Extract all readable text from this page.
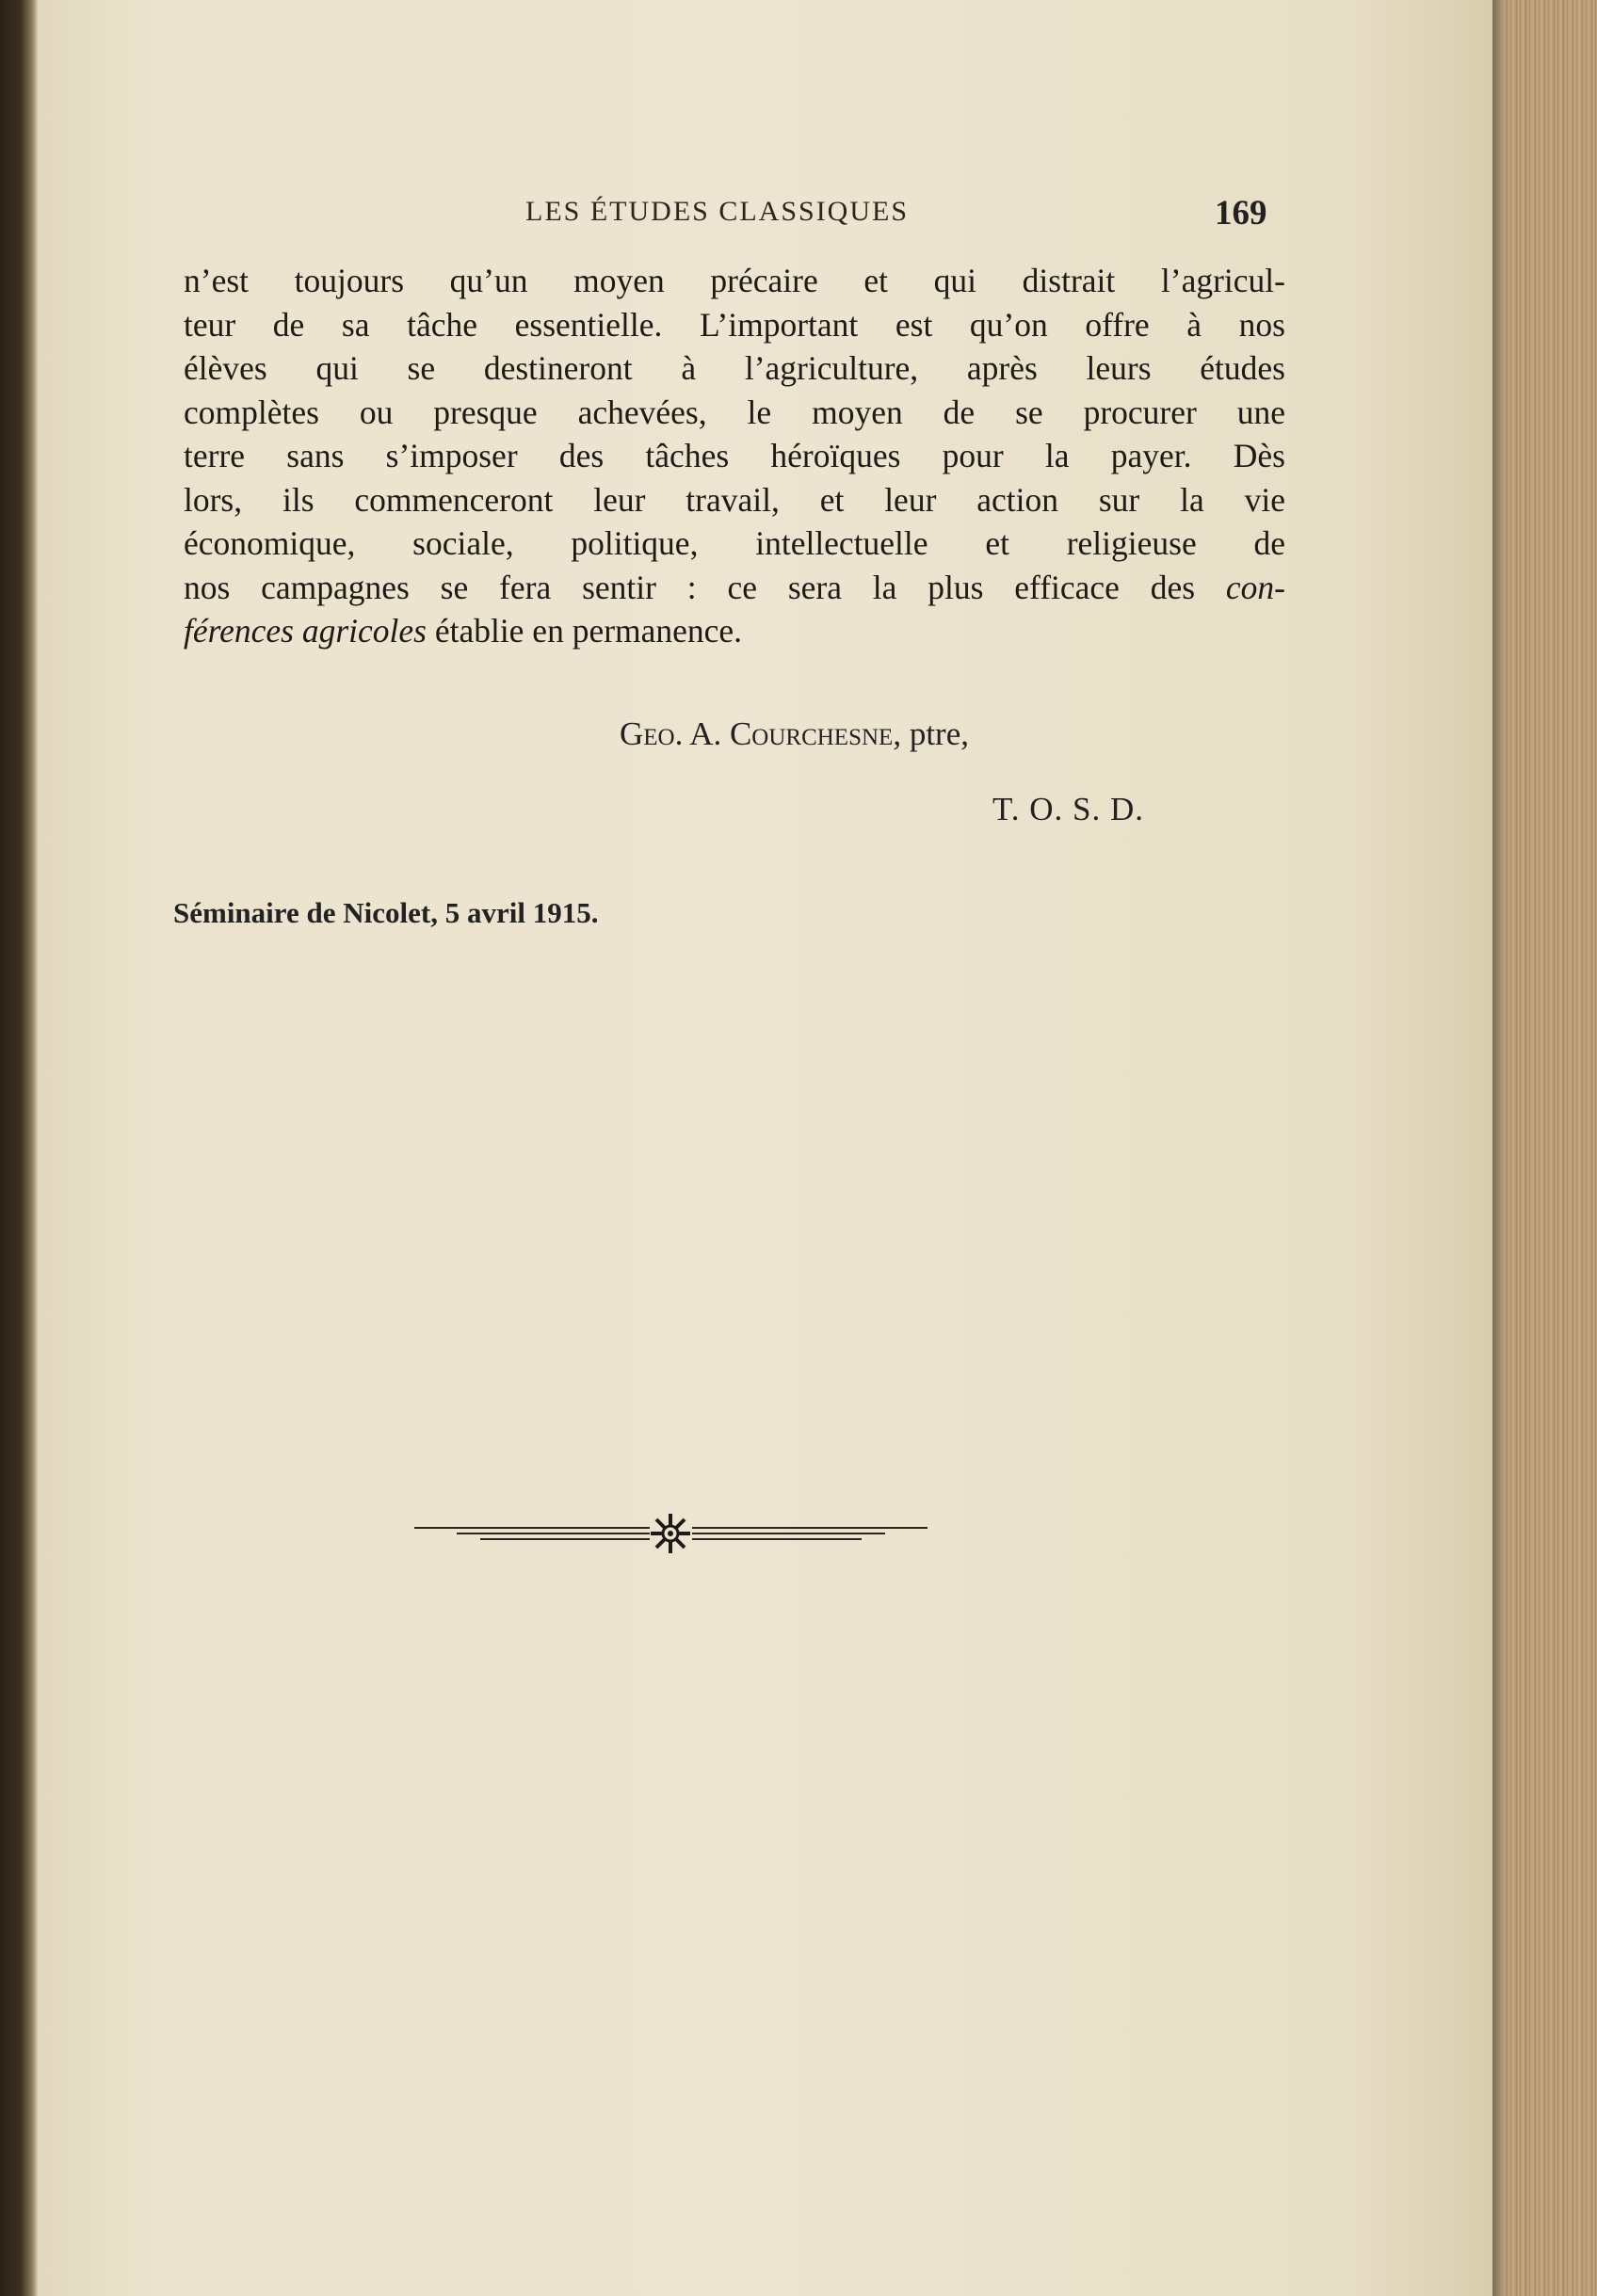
LES ÉTUDES CLASSIQUES	169
n’est toujours qu’un moyen précaire et qui distrait l’agricul-
teur de sa tâche essentielle. L’important est qu’on offre à nos
élèves qui se destineront à l’agriculture, après leurs études
complètes ou presque achevées, le moyen de se procurer une
terre sans s’imposer des tâches héroïques pour la payer. Dès
lors, ils commenceront leur travail, et leur action sur la vie
économique, sociale, politique, intellectuelle et religieuse de
nos campagnes se fera sentir : ce sera la plus efficace des con-
férences agricoles établie en permanence.
Geo. A. Courchesne, ptre,
T. O. S. D.
Séminaire de Nicolet, 5 avril 1915.
